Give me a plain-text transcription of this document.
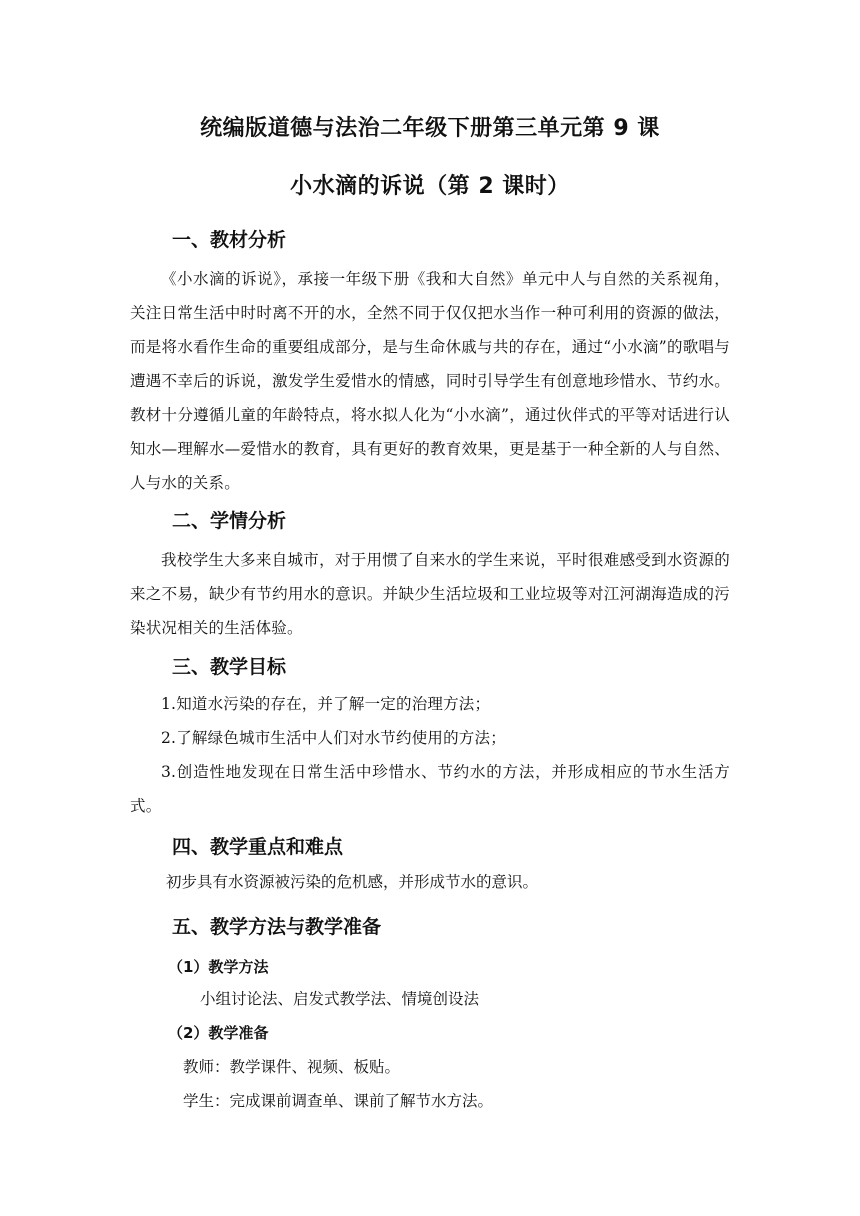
统编版道德与法治二年级下册第三单元第 9 课
小水滴的诉说（第 2 课时）
一、教材分析
《小水滴的诉说》，承接一年级下册《我和大自然》单元中人与自然的关系视角，关注日常生活中时时离不开的水，全然不同于仅仅把水当作一种可利用的资源的做法，而是将水看作生命的重要组成部分，是与生命休戚与共的存在，通过“小水滴”的歌唱与遭遇不幸后的诉说，激发学生爱惜水的情感，同时引导学生有创意地珍惜水、节约水。教材十分遵循儿童的年龄特点，将水拟人化为“小水滴”，通过伙伴式的平等对话进行认知水—理解水—爱惜水的教育，具有更好的教育效果，更是基于一种全新的人与自然、人与水的关系。
二、学情分析
我校学生大多来自城市，对于用惯了自来水的学生来说，平时很难感受到水资源的来之不易，缺少有节约用水的意识。并缺少生活垃圾和工业垃圾等对江河湖海造成的污染状况相关的生活体验。
三、教学目标
1.知道水污染的存在，并了解一定的治理方法；
2.了解绿色城市生活中人们对水节约使用的方法；
3.创造性地发现在日常生活中珍惜水、节约水的方法，并形成相应的节水生活方式。
四、教学重点和难点
初步具有水资源被污染的危机感，并形成节水的意识。
五、教学方法与教学准备
（1）教学方法
小组讨论法、启发式教学法、情境创设法
（2）教学准备
教师：教学课件、视频、板贴。
学生：完成课前调查单、课前了解节水方法。
